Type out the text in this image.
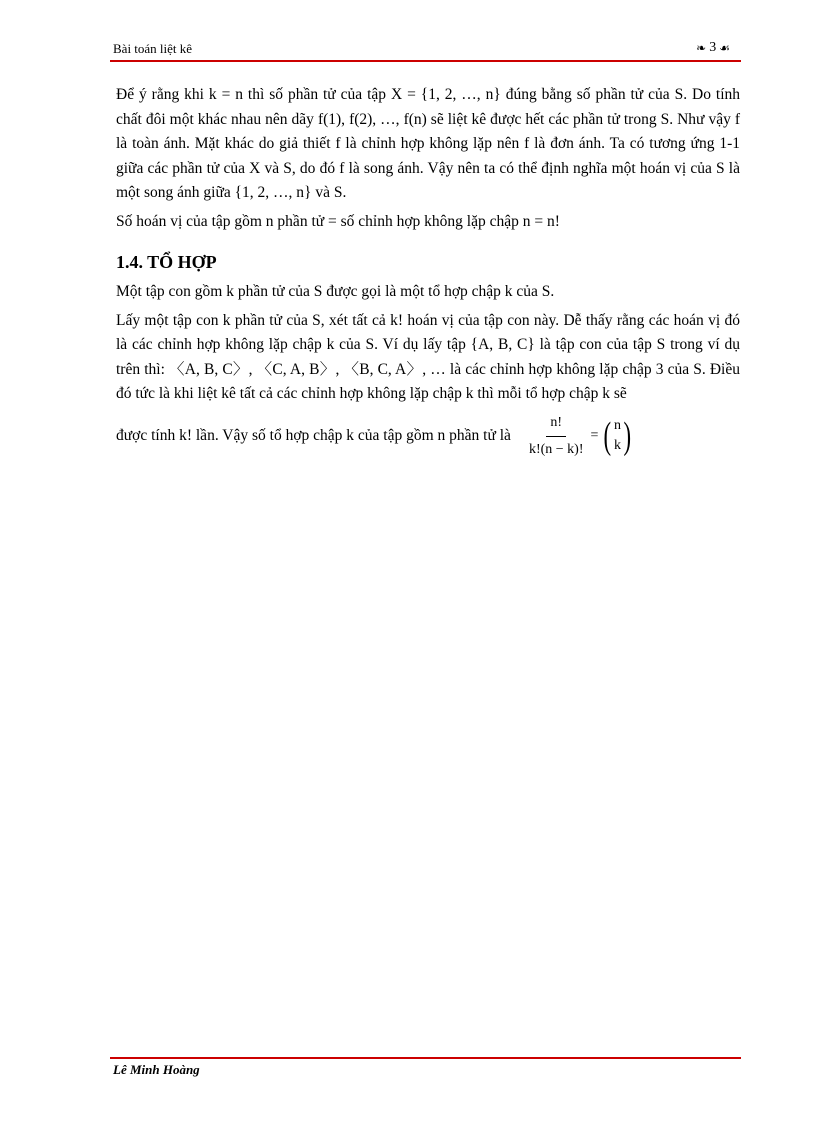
Bài toán liệt kê	❧ 3 ☙

Để ý rằng khi k = n thì số phần tử của tập X = {1, 2, …, n} đúng bằng số phần tử của S. Do tính chất đôi một khác nhau nên dãy f(1), f(2), …, f(n) sẽ liệt kê được hết các phần tử trong S. Như vậy f là toàn ánh. Mặt khác do giả thiết f là chỉnh hợp không lặp nên f là đơn ánh. Ta có tương ứng 1-1 giữa các phần tử của X và S, do đó f là song ánh. Vậy nên ta có thể định nghĩa một hoán vị của S là một song ánh giữa {1, 2, …, n} và S.

Số hoán vị của tập gồm n phần tử = số chỉnh hợp không lặp chập n = n!

1.4. TỔ HỢP

Một tập con gồm k phần tử của S được gọi là một tổ hợp chập k của S.

Lấy một tập con k phần tử của S, xét tất cả k! hoán vị của tập con này. Dễ thấy rằng các hoán vị đó là các chỉnh hợp không lặp chập k của S. Ví dụ lấy tập {A, B, C} là tập con của tập S trong ví dụ trên thì: 〈A, B, C〉, 〈C, A, B〉, 〈B, C, A〉, … là các chỉnh hợp không lặp chập 3 của S. Điều đó tức là khi liệt kê tất cả các chỉnh hợp không lặp chập k thì mỗi tổ hợp chập k sẽ

được tính k! lần. Vậy số tổ hợp chập k của tập gồm n phần tử là $\frac{n!}{k!(n - k)!}$ = ( n
k )
Lê Minh Hoàng
